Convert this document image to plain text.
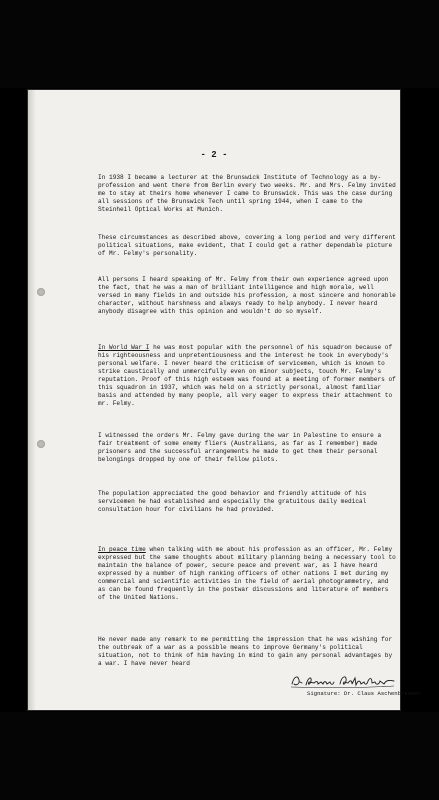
- 2 -

In 1938 I became a lecturer at the Brunswick Institute of Technology as a by-profession and went there from Berlin every two weeks. Mr. and Mrs. Felmy invited me to stay at theirs home whenever I came to Brunswick. This was the case during all sessions of the Brunswick Tech until spring 1944, when I came to the Steinheil Optical Works at Munich.

These circumstances as described above, covering a long period and very different political situations, make evident, that I could get a rather dependable picture of Mr. Felmy's personality.

All persons I heard speaking of Mr. Felmy from their own experience agreed upon the fact, that he was a man of brilliant intelligence and high morale, well versed in many fields in and outside his profession, a most sincere and honorable character, without harshness and always ready to help anybody. I never heard anybody disagree with this opinion and wouldn't do so myself.

In World War I he was most popular with the personnel of his squadron because of his righteousness and unpretentiousness and the interest he took in everybody's personal welfare. I never heard the criticism of servicemen, which is known to strike caustically and unmercifully even on minor subjects, touch Mr. Felmy's reputation. Proof of this high esteem was found at a meeting of former members of this squadron in 1937, which was held on a strictly personal, almost familiar basis and attended by many people, all very eager to express their attachment to mr. Felmy.

I witnessed the orders Mr. Felmy gave during the war in Palestine to ensure a fair treatment of some enemy fliers (Australians, as far as I remember) made prisoners and the successful arrangements he made to get them their personal belongings dropped by one of their fellow pilots.

The population appreciated the good behavior and friendly attitude of his servicemen he had established and especially the gratuitous daily medical consultation hour for civilians he had provided.

In peace time when talking with me about his profession as an officer, Mr. Felmy expressed but the same thoughts about military planning being a necessary tool to maintain the balance of power, secure peace and prevent war, as I have heard expressed by a number of high ranking officers of other nations I met during my commercial and scientific activities in the field of aerial photogrammetry, and as can be found frequently in the postwar discussions and literature of members of the United Nations.

He never made any remark to me permitting the impression that he was wishing for the outbreak of a war as a possible means to improve Germany's political situation, not to think of him having in mind to gain any personal advantages by a war. I have never heard

Signature: Dr. Claus Aschenbrenner
